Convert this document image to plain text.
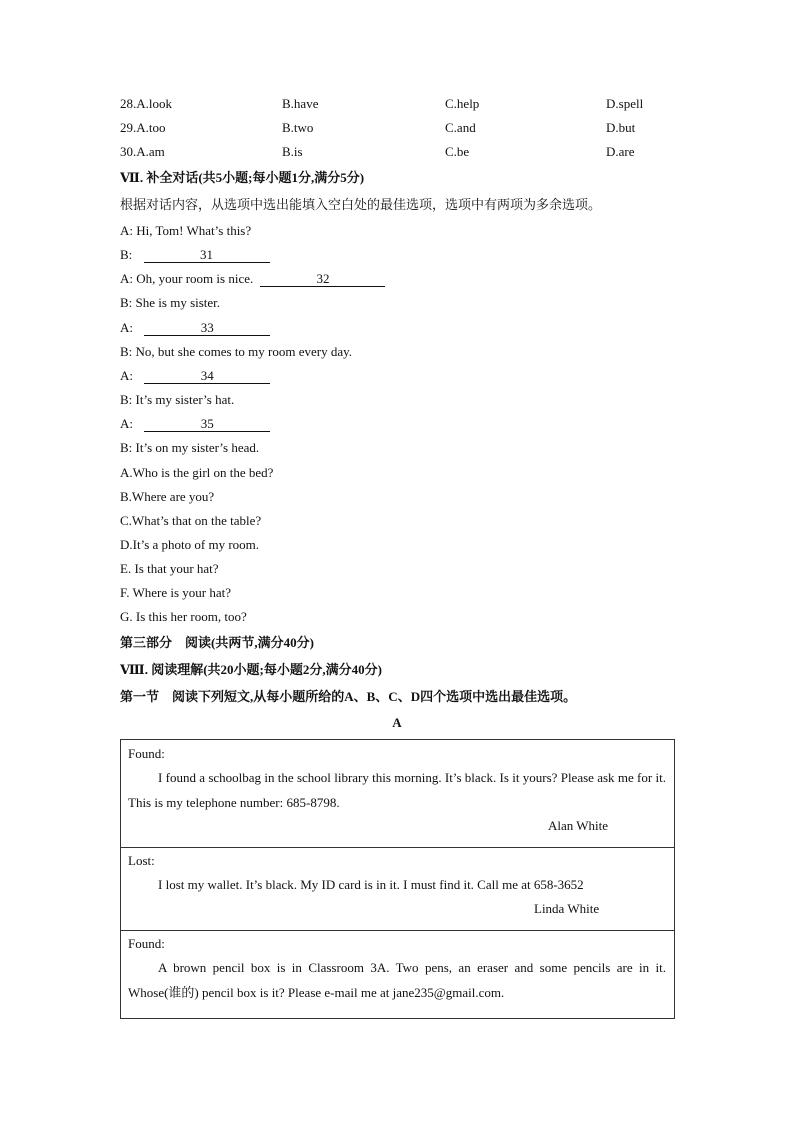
28.A.look	B.have	C.help	D.spell
29.A.too	B.two	C.and	D.but
30.A.am	B.is	C.be	D.are
Ⅶ. 补全对话(共5小题;每小题1分,满分5分)
根据对话内容，从选项中选出能填入空白处的最佳选项，选项中有两项为多余选项。
A: Hi, Tom! What’s this?
B:	31
A: Oh, your room is nice.	32
B: She is my sister.
A:	33
B: No, but she comes to my room every day.
A:	34
B: It’s my sister’s hat.
A:	35
B: It’s on my sister’s head.
A.Who is the girl on the bed?
B.Where are you?
C.What’s that on the table?
D.It’s a photo of my room.
E. Is that your hat?
F. Where is your hat?
G. Is this her room, too?
第三部分　阅读(共两节,满分40分)
Ⅷ. 阅读理解(共20小题;每小题2分,满分40分)
第一节　阅读下列短文,从每小题所给的A、B、C、D四个选项中选出最佳选项。
A
Found:
I found a schoolbag in the school library this morning. It’s black. Is it yours? Please ask me for it. This is my telephone number: 685-8798.
Alan White
Lost:
I lost my wallet. It’s black. My ID card is in it. I must find it. Call me at 658-3652
Linda White
Found:
A brown pencil box is in Classroom 3A. Two pens, an eraser and some pencils are in it. Whose(谁的) pencil box is it? Please e-mail me at jane235@gmail.com.
